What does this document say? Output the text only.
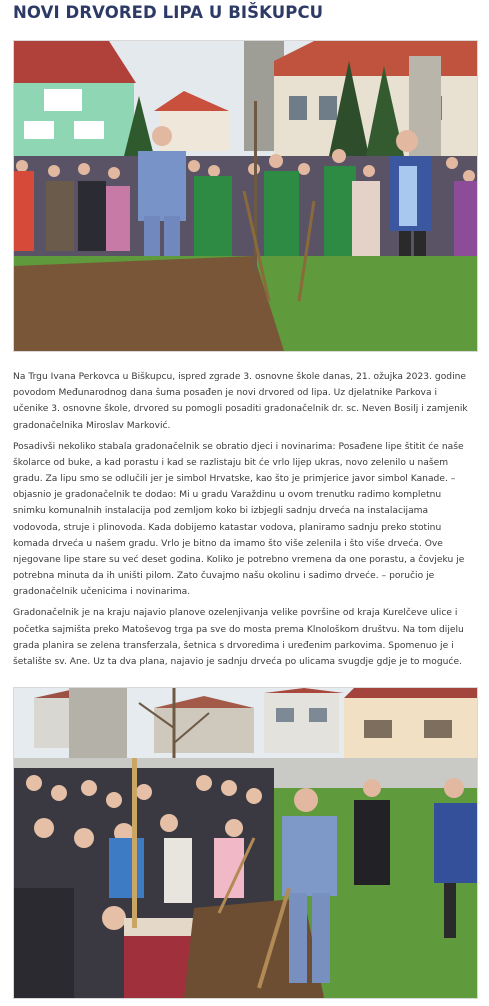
NOVI DRVORED LIPA U BIŠKUPCU

Na Trgu Ivana Perkovca u Biškupcu, ispred zgrade 3. osnovne škole danas, 21. ožujka 2023. godine povodom Međunarodnog dana šuma posađen je novi drvored od lipa. Uz djelatnike Parkova i učenike 3. osnovne škole, drvored su pomogli posaditi gradonačelnik dr. sc. Neven Bosilj i zamjenik gradonačelnika Miroslav Marković.

Posadivši nekoliko stabala gradonačelnik se obratio djeci i novinarima: Posađene lipe štitit će naše školarce od buke, a kad porastu i kad se razlistaju bit će vrlo lijep ukras, novo zelenilo u našem gradu. Za lipu smo se odlučili jer je simbol Hrvatske, kao što je primjerice javor simbol Kanade. – objasnio je gradonačelnik te dodao: Mi u gradu Varaždinu u ovom trenutku radimo kompletnu snimku komunalnih instalacija pod zemljom koko bi izbjegli sadnju drveća na instalacijama vodovoda, struje i plinovoda. Kada dobijemo katastar vodova, planiramo sadnju preko stotinu komada drveća u našem gradu. Vrlo je bitno da imamo što više zelenila i što više drveća. Ove njegovane lipe stare su već deset godina. Koliko je potrebno vremena da one porastu, a čovjeku je potrebna minuta da ih uništi pilom. Zato čuvajmo našu okolinu i sadimo drveće. – poručio je gradonačelnik učenicima i novinarima.

Gradonačelnik je na kraju najavio planove ozelenjivanja velike površine od kraja Kurelčeve ulice i početka sajmišta preko Matoševog trga pa sve do mosta prema Klnološkom društvu. Na tom dijelu grada planira se zelena transferzala, šetnica s drvoredima i uređenim parkovima. Spomenuo je i šetalište sv. Ane. Uz ta dva plana, najavio je sadnju drveća po ulicama svugdje gdje je to moguće.
